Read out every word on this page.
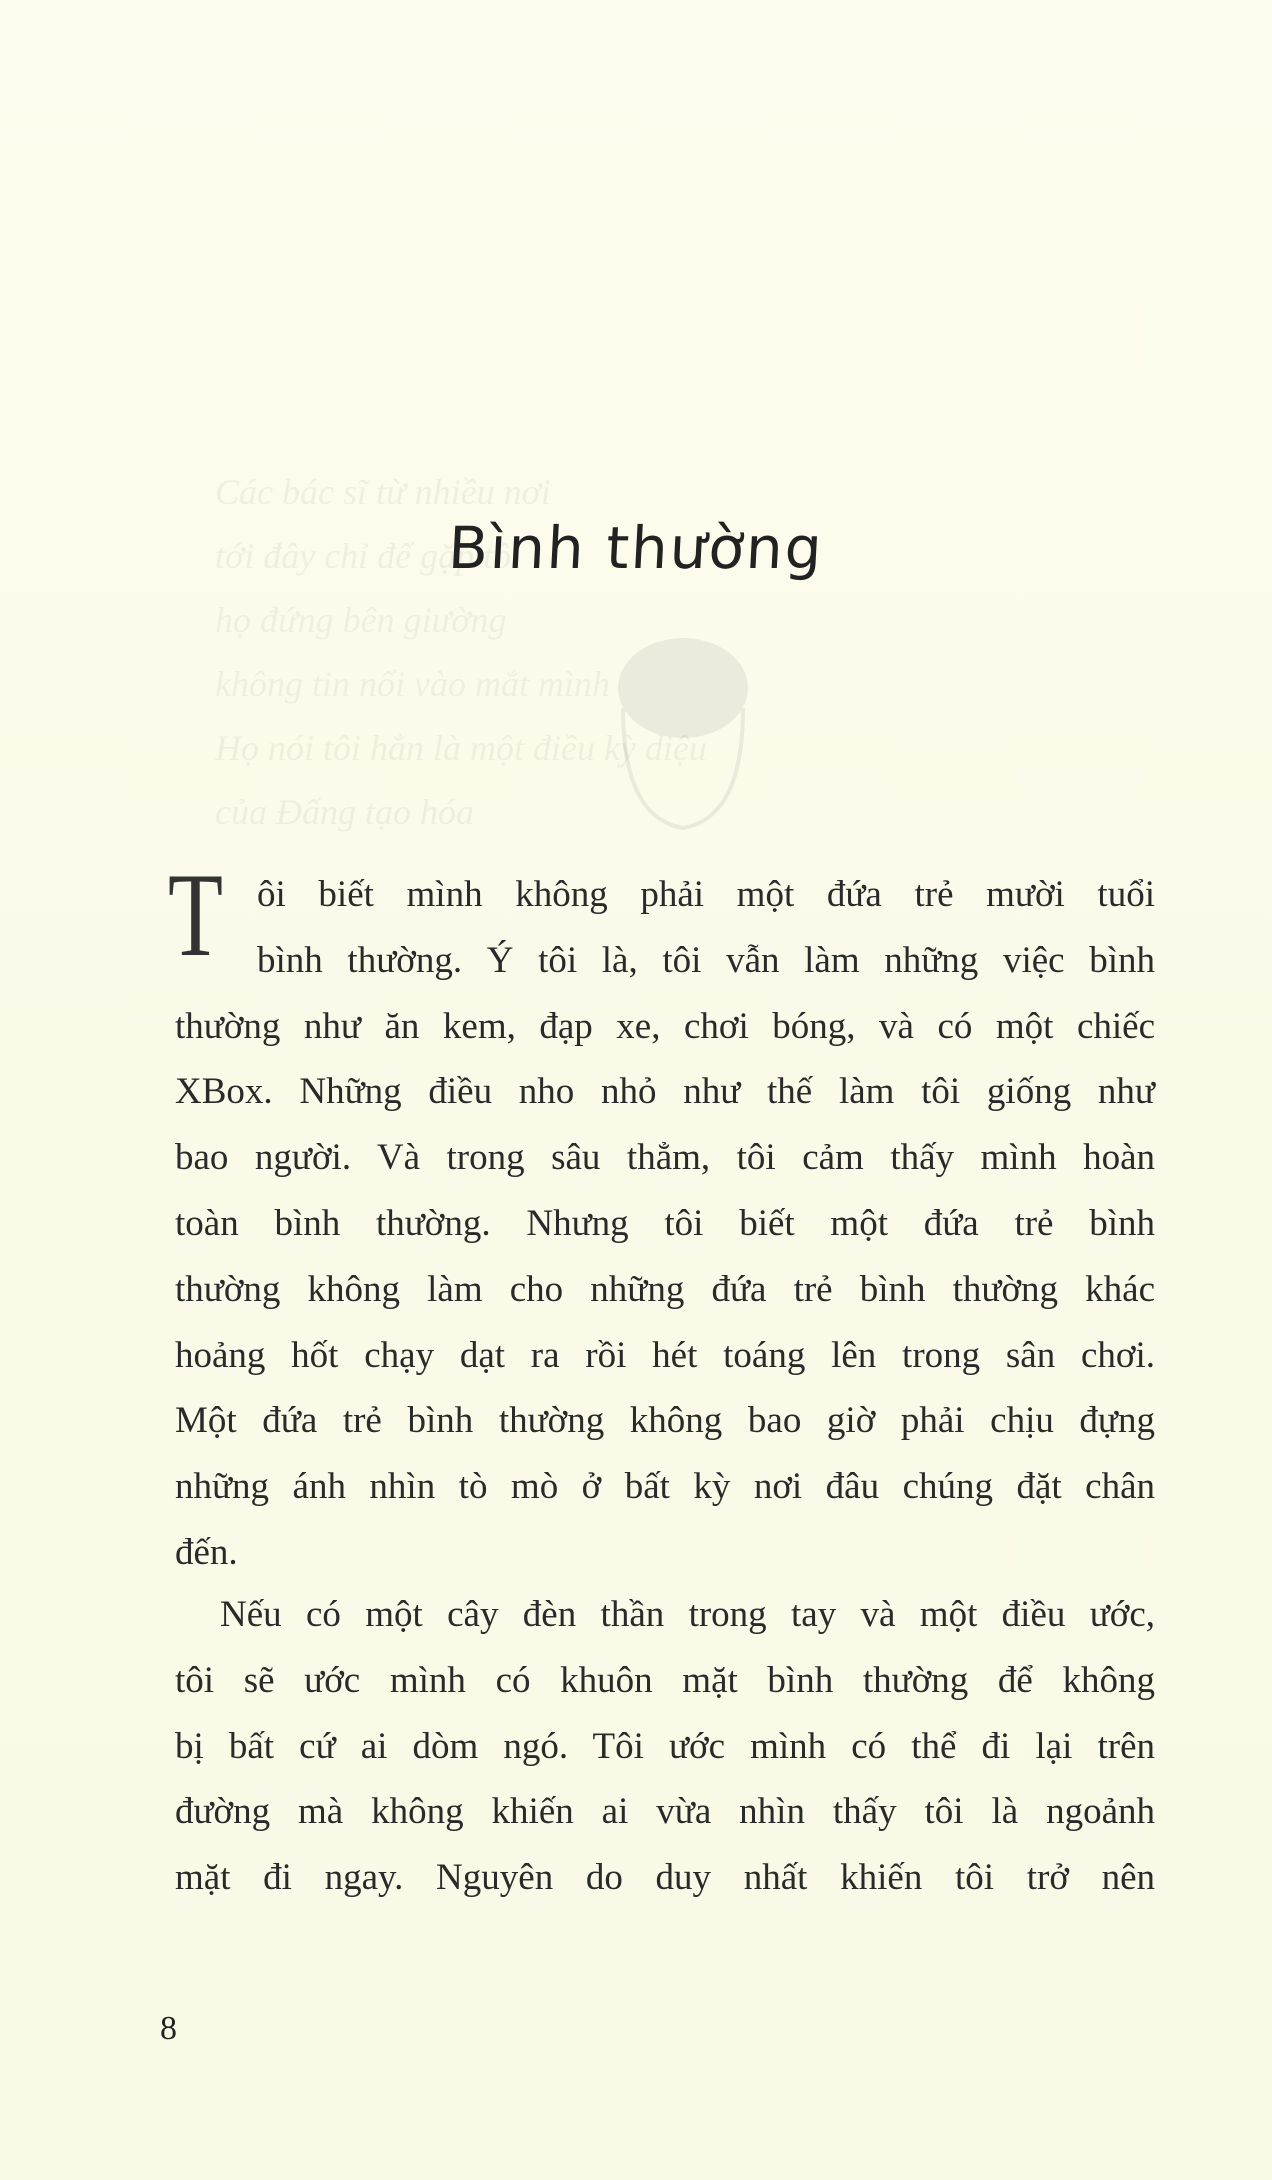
Các bác sĩ từ nhiều nơi
tới đây chỉ để gặp tôi
họ đứng bên giường
không tin nổi vào mắt mình
Họ nói tôi hẳn là một điều kỳ diệu
của Đấng tạo hóa
Bình thường
T ôi biết mình không phải một đứa trẻ mười tuổi
bình thường. Ý tôi là, tôi vẫn làm những việc bình
thường như ăn kem, đạp xe, chơi bóng, và có một chiếc
XBox. Những điều nho nhỏ như thế làm tôi giống như
bao người. Và trong sâu thẳm, tôi cảm thấy mình hoàn
toàn bình thường. Nhưng tôi biết một đứa trẻ bình
thường không làm cho những đứa trẻ bình thường khác
hoảng hốt chạy dạt ra rồi hét toáng lên trong sân chơi.
Một đứa trẻ bình thường không bao giờ phải chịu đựng
những ánh nhìn tò mò ở bất kỳ nơi đâu chúng đặt chân
đến.
Nếu có một cây đèn thần trong tay và một điều ước,
tôi sẽ ước mình có khuôn mặt bình thường để không
bị bất cứ ai dòm ngó. Tôi ước mình có thể đi lại trên
đường mà không khiến ai vừa nhìn thấy tôi là ngoảnh
mặt đi ngay. Nguyên do duy nhất khiến tôi trở nên
8
